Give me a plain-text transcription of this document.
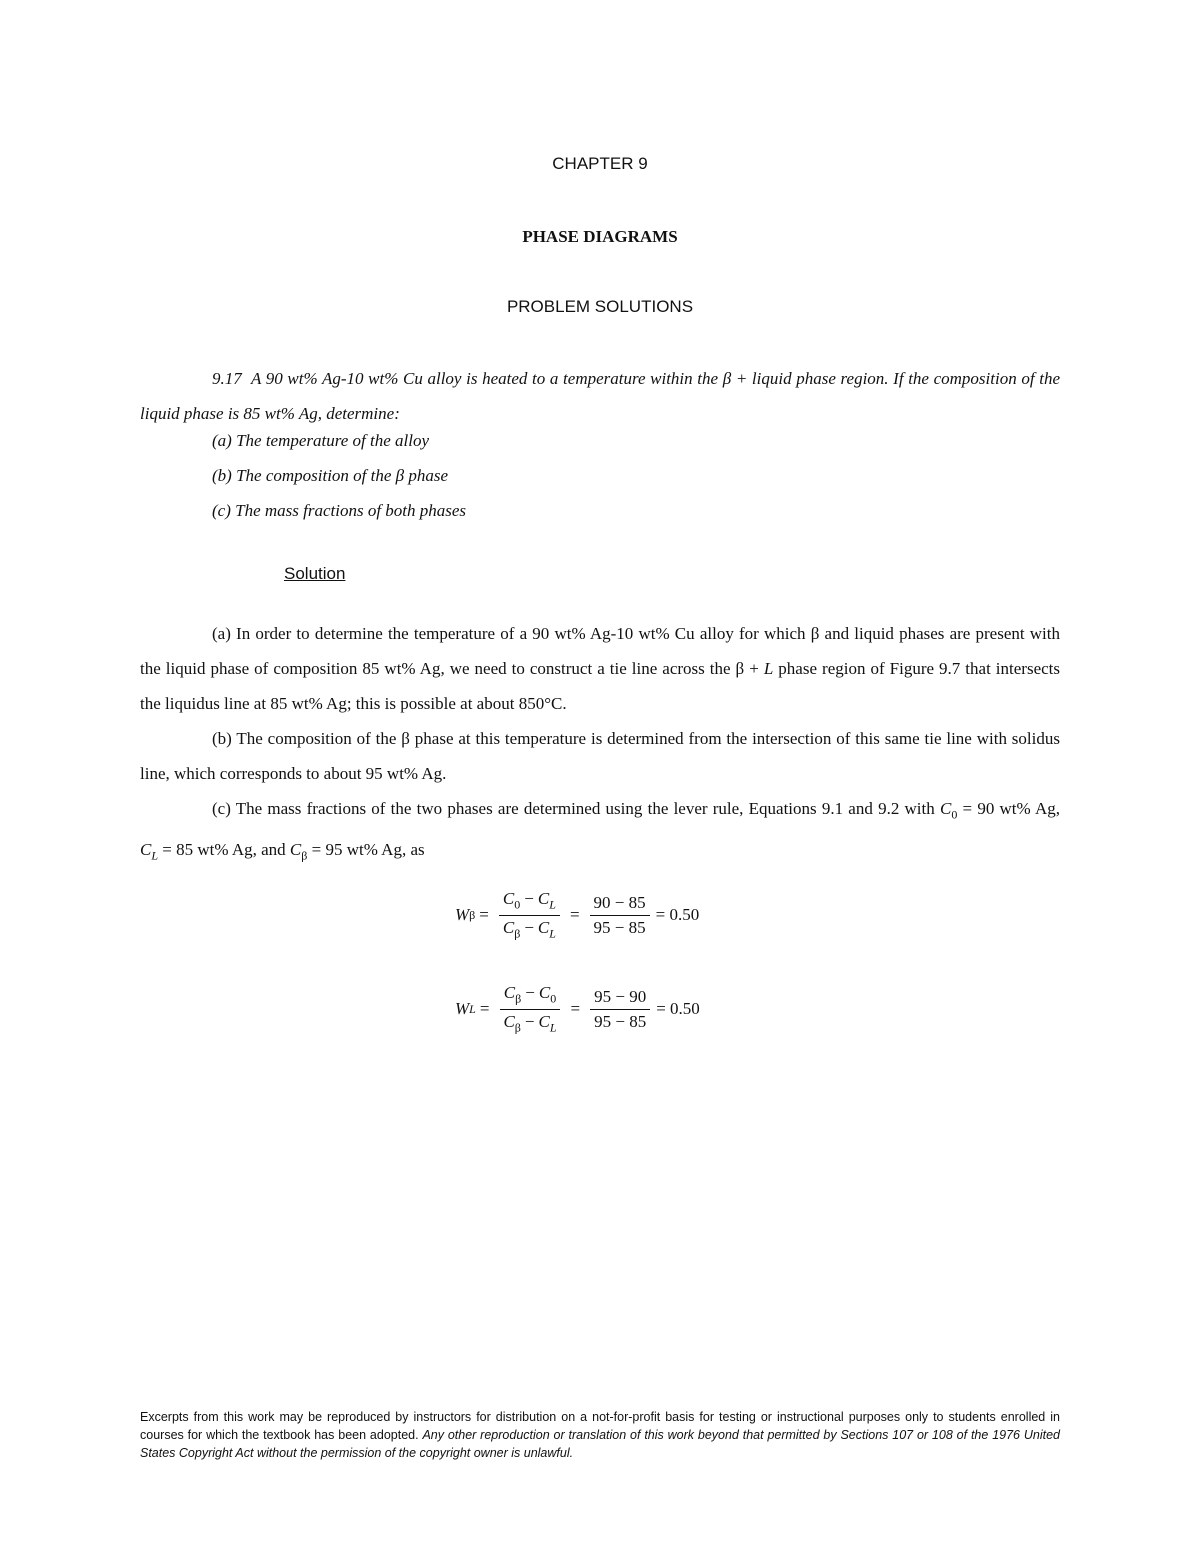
CHAPTER 9
PHASE DIAGRAMS
PROBLEM SOLUTIONS
9.17 A 90 wt% Ag-10 wt% Cu alloy is heated to a temperature within the β + liquid phase region. If the composition of the liquid phase is 85 wt% Ag, determine:
(a) The temperature of the alloy
(b) The composition of the β phase
(c) The mass fractions of both phases
Solution

(a) In order to determine the temperature of a 90 wt% Ag-10 wt% Cu alloy for which β and liquid phases are present with the liquid phase of composition 85 wt% Ag, we need to construct a tie line across the β + L phase region of Figure 9.7 that intersects the liquidus line at 85 wt% Ag; this is possible at about 850°C.

(b) The composition of the β phase at this temperature is determined from the intersection of this same tie line with solidus line, which corresponds to about 95 wt% Ag.

(c) The mass fractions of the two phases are determined using the lever rule, Equations 9.1 and 9.2 with $C_0 = 90$ wt% Ag, $C_L = 85$ wt% Ag, and $C_\beta = 95$ wt% Ag, as

W $\beta = \frac{C_0 - C_L}{C_\beta - C_L} = \frac{90 - 85}{95 - 85} = 0.50$
W $L = \frac{C_\beta - C_0}{C_\beta - C_L} = \frac{95 - 90}{95 - 85} = 0.50$
Excerpts from this work may be reproduced by instructors for distribution on a not-for-profit basis for testing or instructional purposes only to students enrolled in courses for which the textbook has been adopted. Any other reproduction or translation of this work beyond that permitted by Sections 107 or 108 of the 1976 United States Copyright Act without the permission of the copyright owner is unlawful.
